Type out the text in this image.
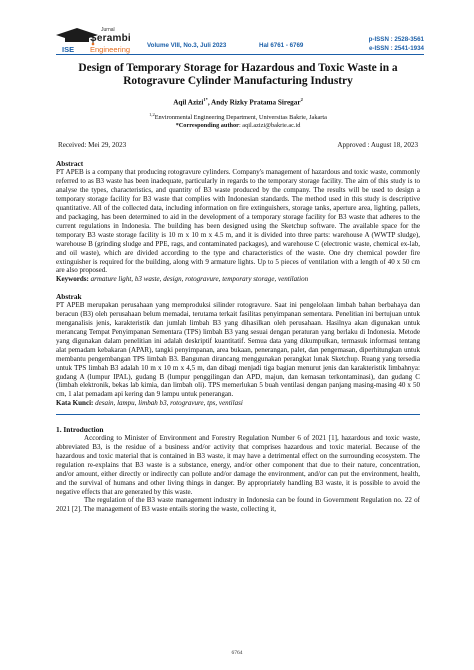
Jurnal
Serambi
ISE Engineering	Volume VIII, No.3, Juli 2023	Hal 6761 - 6769
p-ISSN : 2528-3561
e-ISSN : 2541-1934
Design of Temporary Storage for Hazardous and Toxic Waste in a Rotogravure Cylinder Manufacturing Industry
Aqil Azizi$^{1*}$, Andy Rizky Pratama Siregar$^2$
$^{1,2}$Environmental Engineering Department, Universitas Bakrie, Jakarta
*Corresponding author: aqil.azizi@bakrie.ac.id
Received: Mei 29, 2023	Approved : August 18, 2023
Abstract

PT APEB is a company that producing rotogravure cylinders. Company's management of hazardous and toxic waste, commonly referred to as B3 waste has been inadequate, particularly in regards to the temporary storage facility. The aim of this study is to analyse the types, characteristics, and quantity of B3 waste produced by the company. The results will be used to design a temporary storage facility for B3 waste that complies with Indonesian standards. The method used in this study is descriptive quantitative. All of the collected data, including information on fire extinguishers, storage tanks, aperture area, lighting, pallets, and packaging, has been determined to aid in the development of a temporary storage facility for B3 waste that adheres to the current regulations in Indonesia. The building has been designed using the Sketchup software. The available space for the temporary B3 waste storage facility is 10 m x 10 m x 4.5 m, and it is divided into three parts: warehouse A (WWTP sludge), warehouse B (grinding sludge and PPE, rags, and contaminated packages), and warehouse C (electronic waste, chemical ex-lab, and oil waste), which are divided according to the type and characteristics of the waste. One dry chemical powder fire extinguisher is required for the building, along with 9 armature lights. Up to 5 pieces of ventilation with a length of 40 x 50 cm are also proposed.

Keywords: armature light, b3 waste, design, rotogravure, temporary storage, ventilation

Abstrak

PT APEB merupakan perusahaan yang memproduksi silinder rotogravure. Saat ini pengelolaan limbah bahan berbahaya dan beracun (B3) oleh perusahaan belum memadai, terutama terkait fasilitas penyimpanan sementara. Penelitian ini bertujuan untuk menganalisis jenis, karakteristik dan jumlah limbah B3 yang dihasilkan oleh perusahaan. Hasilnya akan digunakan untuk merancang Tempat Penyimpanan Sementara (TPS) limbah B3 yang sesuai dengan peraturan yang berlaku di Indonesia. Metode yang digunakan dalam penelitian ini adalah deskriptif kuantitatif. Semua data yang dikumpulkan, termasuk informasi tentang alat pemadam kebakaran (APAR), tangki penyimpanan, area bukaan, penerangan, palet, dan pengemasan, diperhitungkan untuk membantu pengembangan TPS limbah B3. Bangunan dirancang menggunakan perangkat lunak Sketchup. Ruang yang tersedia untuk TPS limbah B3 adalah 10 m x 10 m x 4,5 m, dan dibagi menjadi tiga bagian menurut jenis dan karakteristik limbahnya: gudang A (lumpur IPAL), gudang B (lumpur penggilingan dan APD, majun, dan kemasan terkontaminasi), dan gudang C (limbah elektronik, bekas lab kimia, dan limbah oli). TPS memerlukan 5 buah ventilasi dengan panjang masing-masing 40 x 50 cm, 1 alat pemadam api kering dan 9 lampu untuk penerangan.

Kata Kunci: desain, lampu, limbah b3, rotogravure, tps, ventilasi

1. Introduction

According to Minister of Environment and Forestry Regulation Number 6 of 2021 [1], hazardous and toxic waste, abbreviated B3, is the residue of a business and/or activity that comprises hazardous and toxic material. Because of the hazardous and toxic material that is contained in B3 waste, it may have a detrimental effect on the surrounding ecosystem. The regulation re-explains that B3 waste is a substance, energy, and/or other component that due to their nature, concentration, and/or amount, either directly or indirectly can pollute and/or damage the environment, and/or can put the environment, health, and the survival of humans and other living things in danger. By appropriately handling B3 waste, it is possible to avoid the negative effects that are generated by this waste.

The regulation of the B3 waste management industry in Indonesia can be found in Government Regulation no. 22 of 2021 [2]. The management of B3 waste entails storing the waste, collecting it,

6764
